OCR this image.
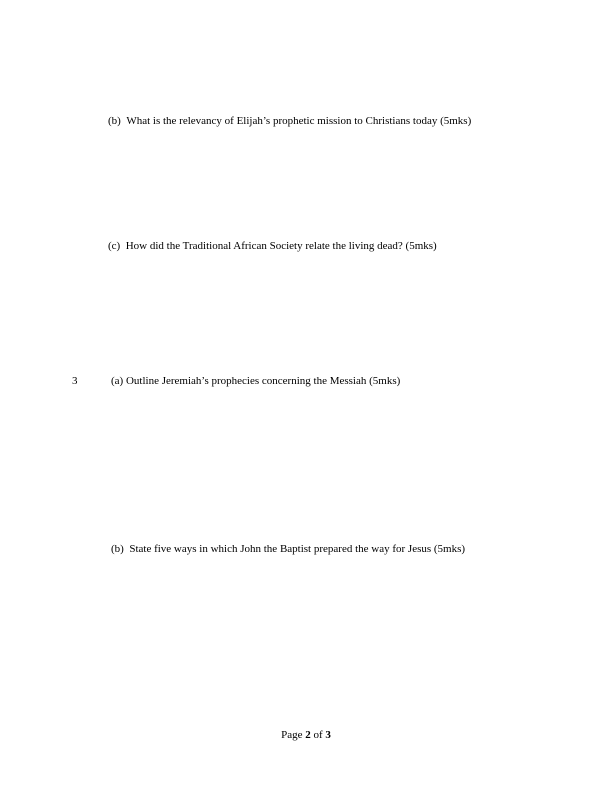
(b) What is the relevancy of Elijah’s prophetic mission to Christians today (5mks)
(c) How did the Traditional African Society relate the living dead? (5mks)
3	(a) Outline Jeremiah’s prophecies concerning the Messiah (5mks)
(b) State five ways in which John the Baptist prepared the way for Jesus (5mks)
Page 2 of 3
